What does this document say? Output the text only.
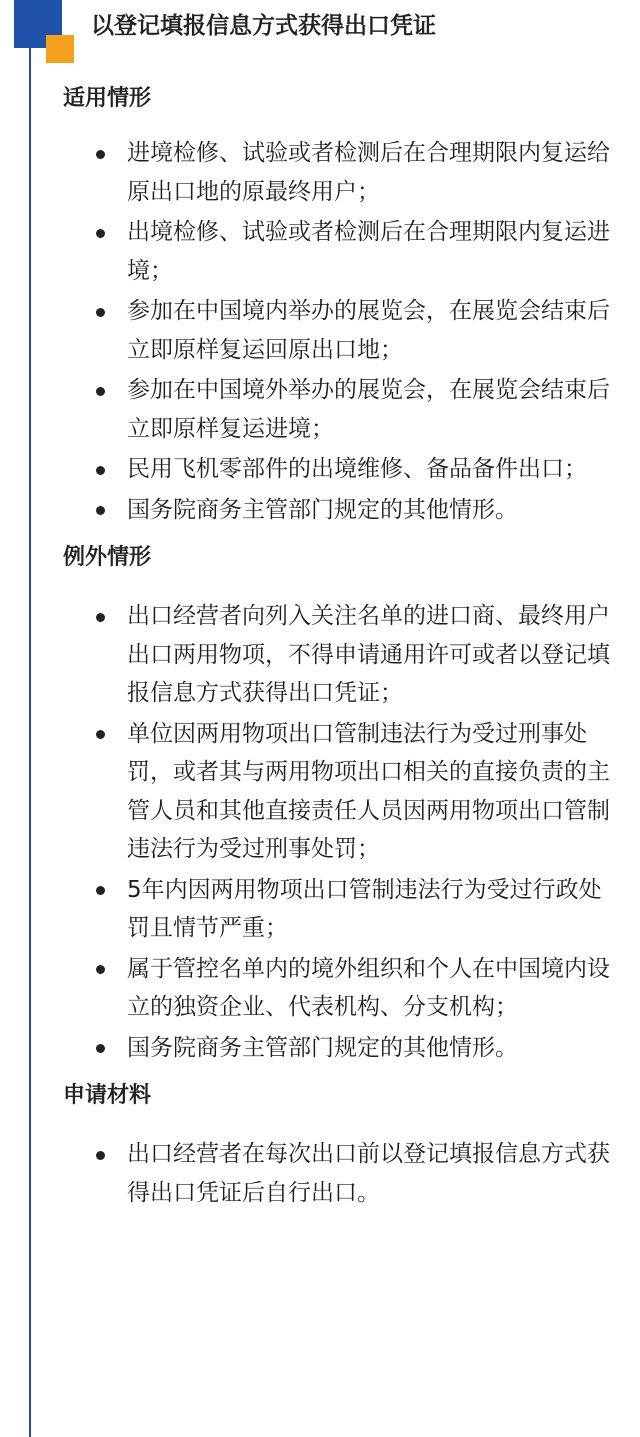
以登记填报信息方式获得出口凭证
适用情形
进境检修、试验或者检测后在合理期限内复运给原出口地的原最终用户；
出境检修、试验或者检测后在合理期限内复运进境；
参加在中国境内举办的展览会，在展览会结束后立即原样复运回原出口地；
参加在中国境外举办的展览会，在展览会结束后立即原样复运进境；
民用飞机零部件的出境维修、备品备件出口；
国务院商务主管部门规定的其他情形。
例外情形
出口经营者向列入关注名单的进口商、最终用户出口两用物项，不得申请通用许可或者以登记填报信息方式获得出口凭证；
单位因两用物项出口管制违法行为受过刑事处罚，或者其与两用物项出口相关的直接负责的主管人员和其他直接责任人员因两用物项出口管制违法行为受过刑事处罚；
5年内因两用物项出口管制违法行为受过行政处罚且情节严重；
属于管控名单内的境外组织和个人在中国境内设立的独资企业、代表机构、分支机构；
国务院商务主管部门规定的其他情形。
申请材料
出口经营者在每次出口前以登记填报信息方式获得出口凭证后自行出口。
